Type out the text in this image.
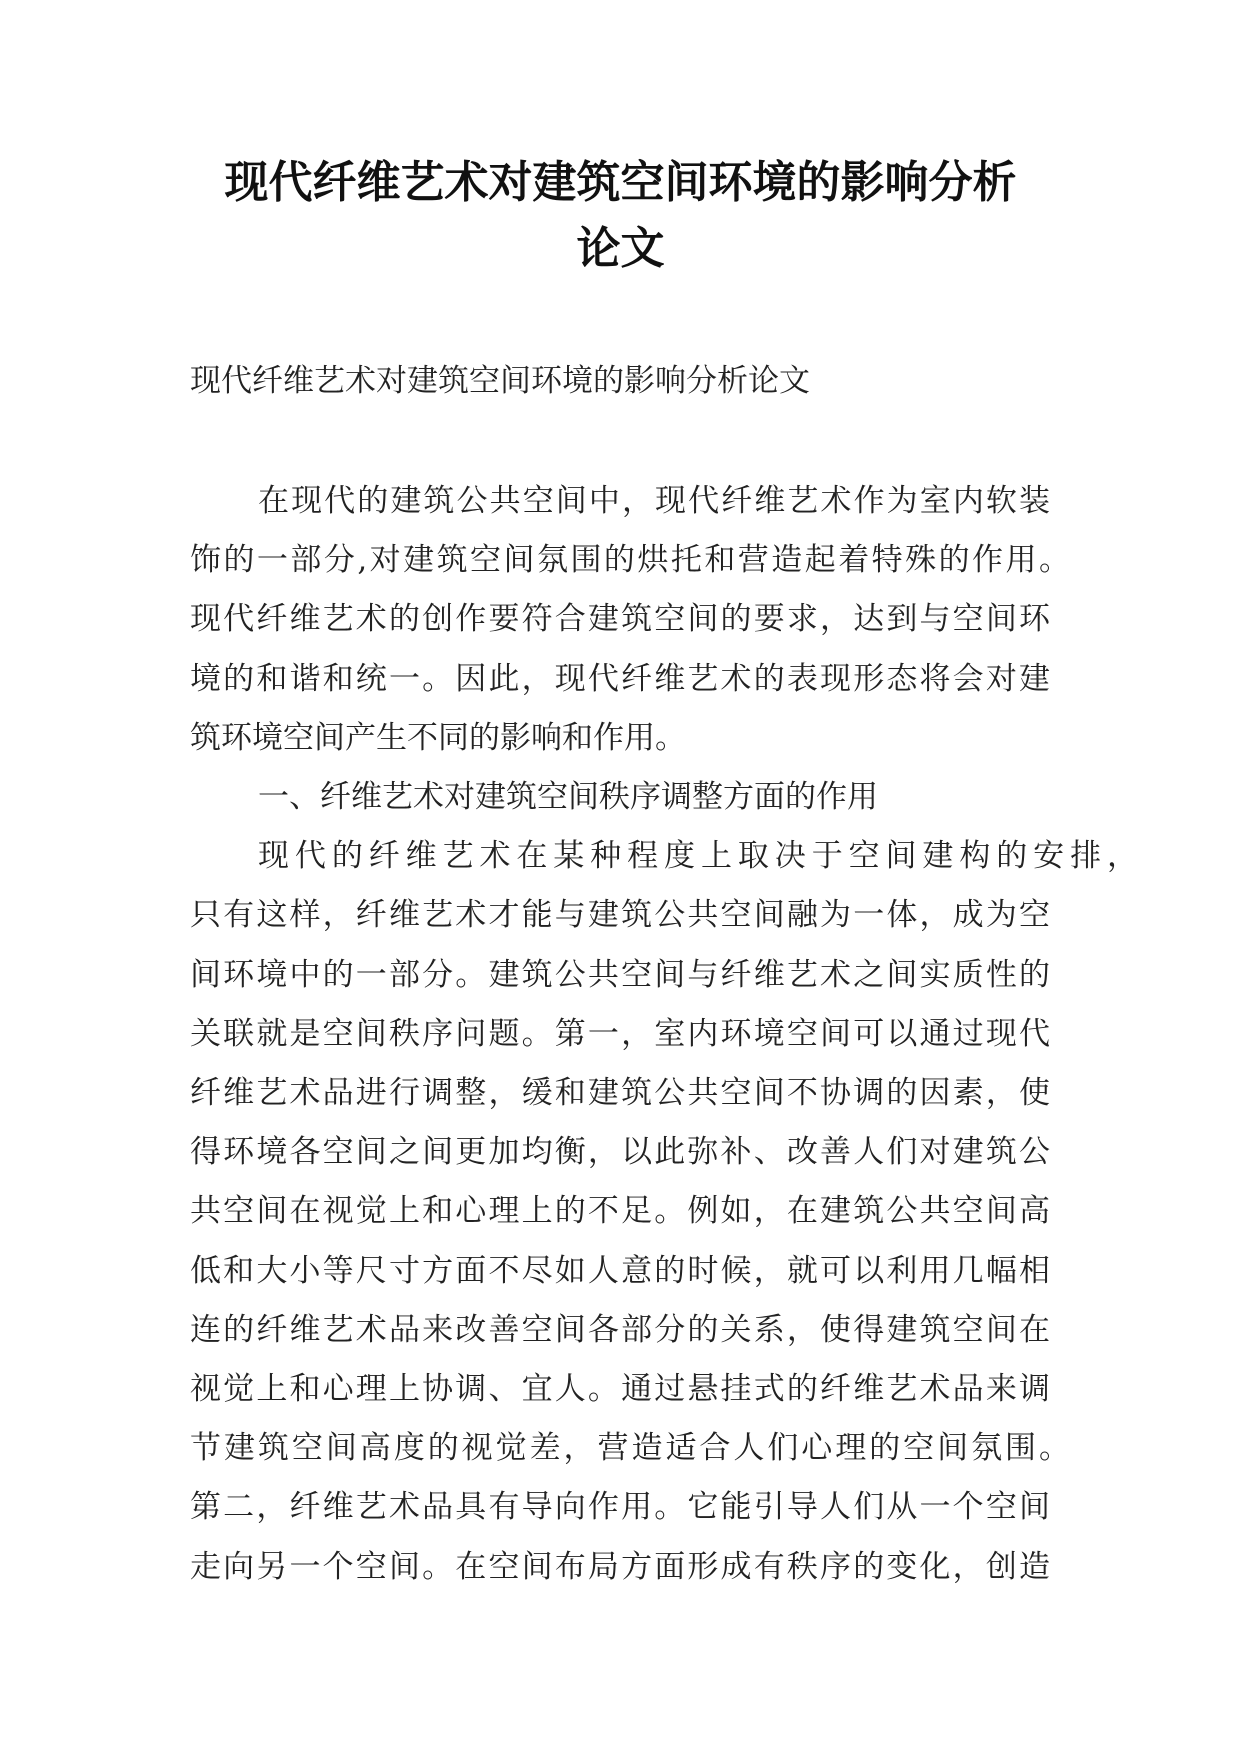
现代纤维艺术对建筑空间环境的影响分析
论文
现代纤维艺术对建筑空间环境的影响分析论文
在现代的建筑公共空间中，现代纤维艺术作为室内软装
饰的一部分,对建筑空间氛围的烘托和营造起着特殊的作用。
现代纤维艺术的创作要符合建筑空间的要求，达到与空间环
境的和谐和统一。因此，现代纤维艺术的表现形态将会对建
筑环境空间产生不同的影响和作用。
一、纤维艺术对建筑空间秩序调整方面的作用
现代的纤维艺术在某种程度上取决于空间建构的安排，
只有这样，纤维艺术才能与建筑公共空间融为一体，成为空
间环境中的一部分。建筑公共空间与纤维艺术之间实质性的
关联就是空间秩序问题。第一，室内环境空间可以通过现代
纤维艺术品进行调整，缓和建筑公共空间不协调的因素，使
得环境各空间之间更加均衡，以此弥补、改善人们对建筑公
共空间在视觉上和心理上的不足。例如，在建筑公共空间高
低和大小等尺寸方面不尽如人意的时候，就可以利用几幅相
连的纤维艺术品来改善空间各部分的关系，使得建筑空间在
视觉上和心理上协调、宜人。通过悬挂式的纤维艺术品来调
节建筑空间高度的视觉差，营造适合人们心理的空间氛围。
第二，纤维艺术品具有导向作用。它能引导人们从一个空间
走向另一个空间。在空间布局方面形成有秩序的变化，创造
